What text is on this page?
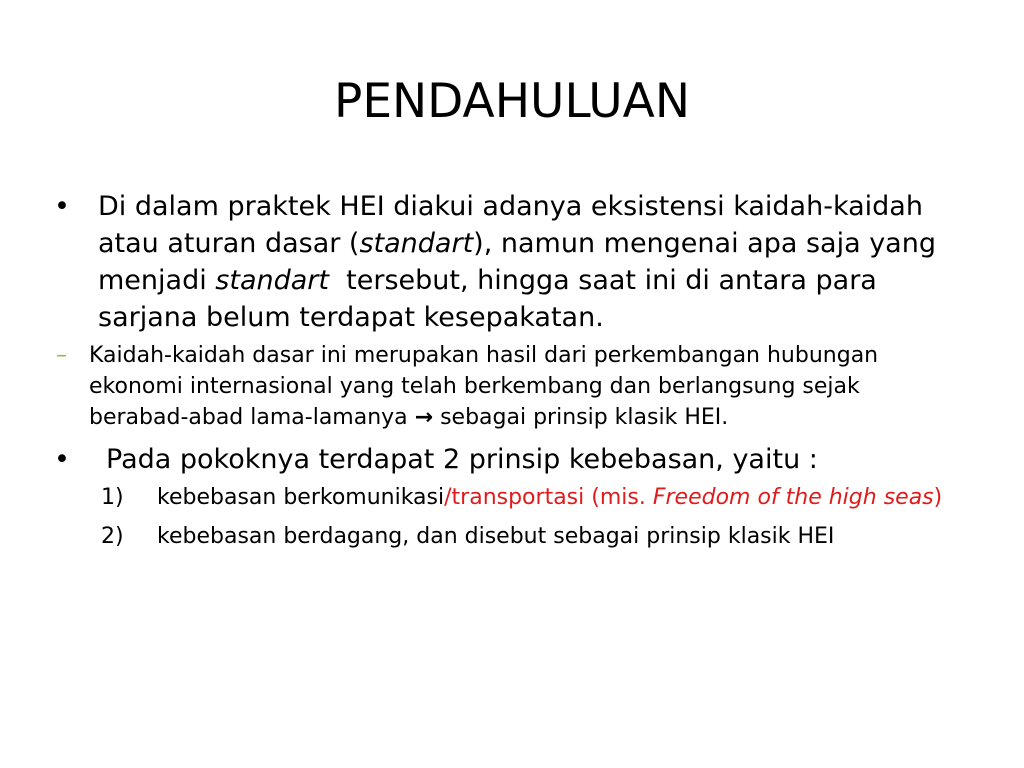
PENDAHULUAN
• Di dalam praktek HEI diakui adanya eksistensi kaidah-kaidah atau aturan dasar (standart), namun mengenai apa saja yang menjadi standart  tersebut, hingga saat ini di antara para sarjana belum terdapat kesepakatan.
– Kaidah-kaidah dasar ini merupakan hasil dari perkembangan hubungan ekonomi internasional yang telah berkembang dan berlangsung sejak berabad-abad lama-lamanya → sebagai prinsip klasik HEI.
• Pada pokoknya terdapat 2 prinsip kebebasan, yaitu :
1) kebebasan berkomunikasi/transportasi (mis. Freedom of the high seas)
2) kebebasan berdagang, dan disebut sebagai prinsip klasik HEI
